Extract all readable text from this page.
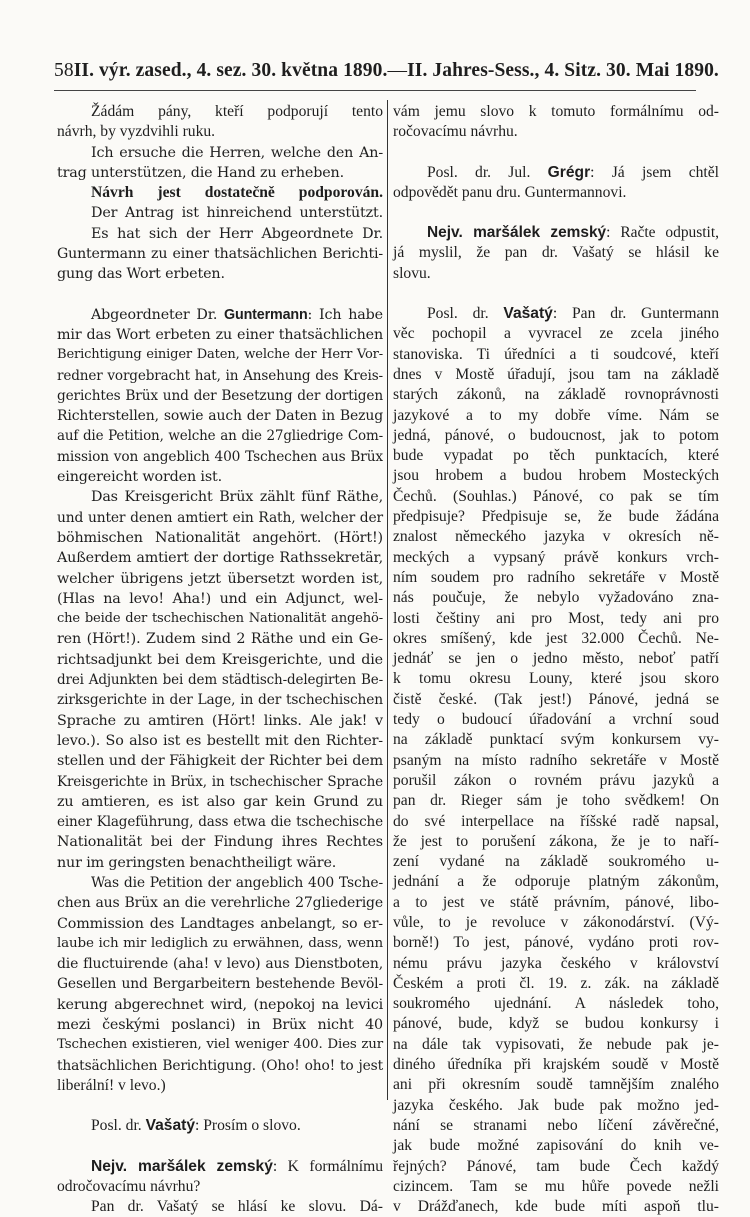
58 II. výr. zased., 4. sez. 30. května 1890. — II. Jahres-Sess., 4. Sitz. 30. Mai 1890.
Žádám pány, kteří podporují tento
návrh, by vyzdvihli ruku.
Ich ersuche die Herren, welche den An-
trag unterstützen, die Hand zu erheben.
Návrh jest dostatečně podporován.
Der Antrag ist hinreichend unterstützt.
Es hat sich der Herr Abgeordnete Dr.
Guntermann zu einer thatsächlichen Berichti-
gung das Wort erbeten.
Abgeordneter Dr. Guntermann: Ich habe
mir das Wort erbeten zu einer thatsächlichen
Berichtigung einiger Daten, welche der Herr Vor-
redner vorgebracht hat, in Ansehung des Kreis-
gerichtes Brüx und der Besetzung der dortigen
Richterstellen, sowie auch der Daten in Bezug
auf die Petition, welche an die 27gliedrige Com-
mission von angeblich 400 Tschechen aus Brüx
eingereicht worden ist.
Das Kreisgericht Brüx zählt fünf Räthe,
und unter denen amtiert ein Rath, welcher der
böhmischen Nationalität angehört. (Hört!)
Außerdem amtiert der dortige Rathssekretär,
welcher übrigens jetzt übersetzt worden ist,
(Hlas na levo! Aha!) und ein Adjunct, wel-
che beide der tschechischen Nationalität angehö-
ren (Hört!). Zudem sind 2 Räthe und ein Ge-
richtsadjunkt bei dem Kreisgerichte, und die
drei Adjunkten bei dem städtisch-delegirten Be-
zirksgerichte in der Lage, in der tschechischen
Sprache zu amtiren (Hört! links. Ale jak! v
levo.). So also ist es bestellt mit den Richter-
stellen und der Fähigkeit der Richter bei dem
Kreisgerichte in Brüx, in tschechischer Sprache
zu amtieren, es ist also gar kein Grund zu
einer Klageführung, dass etwa die tschechische
Nationalität bei der Findung ihres Rechtes
nur im geringsten benachtheiligt wäre.
Was die Petition der angeblich 400 Tsche-
chen aus Brüx an die verehrliche 27gliederige
Commission des Landtages anbelangt, so er-
laube ich mir lediglich zu erwähnen, dass, wenn
die fluctuirende (aha! v levo) aus Dienstboten,
Gesellen und Bergarbeitern bestehende Bevöl-
kerung abgerechnet wird, (nepokoj na levici
mezi českými poslanci) in Brüx nicht 40
Tschechen existieren, viel weniger 400. Dies zur
thatsächlichen Berichtigung. (Oho! oho! to jest
liberální! v levo.)
Posl. dr. Vašatý: Prosím o slovo.
Nejv. maršálek zemský: K formálnímu
odročovacímu návrhu?
Pan dr. Vašatý se hlásí ke slovu. Dá-
vám jemu slovo k tomuto formálnímu od-
ročovacímu návrhu.
Posl. dr. Jul. Grégr: Já jsem chtěl
odpovědět panu dru. Guntermannovi.
Nejv. maršálek zemský: Račte odpustit,
já myslil, že pan dr. Vašatý se hlásil ke
slovu.
Posl. dr. Vašatý: Pan dr. Guntermann
věc pochopil a vyvracel ze zcela jiného
stanoviska. Ti úředníci a ti soudcové, kteří
dnes v Mostě úřadují, jsou tam na základě
starých zákonů, na základě rovnoprávnosti
jazykové a to my dobře víme. Nám se
jedná, pánové, o budoucnost, jak to potom
bude vypadat po těch punktacích, které
jsou hrobem a budou hrobem Mosteckých
Čechů. (Souhlas.) Pánové, co pak se tím
předpisuje? Předpisuje se, že bude žádána
znalost německého jazyka v okresích ně-
meckých a vypsaný právě konkurs vrch-
ním soudem pro radního sekretáře v Mostě
nás poučuje, že nebylo vyžadováno zna-
losti češtiny ani pro Most, tedy ani pro
okres smíšený, kde jest 32.000 Čechů. Ne-
jednáť se jen o jedno město, neboť patří
k tomu okresu Louny, které jsou skoro
čistě české. (Tak jest!) Pánové, jedná se
tedy o budoucí úřadování a vrchní soud
na základě punktací svým konkursem vy-
psaným na místo radního sekretáře v Mostě
porušil zákon o rovném právu jazyků a
pan dr. Rieger sám je toho svědkem! On
do své interpellace na říšské radě napsal,
že jest to porušení zákona, že je to naří-
zení vydané na základě soukromého u-
jednání a že odporuje platným zákonům,
a to jest ve státě právním, pánové, libo-
vůle, to je revoluce v zákonodárství. (Vý-
borně!) To jest, pánové, vydáno proti rov-
nému právu jazyka českého v království
Českém a proti čl. 19. z. zák. na základě
soukromého ujednání. A následek toho,
pánové, bude, když se budou konkursy i
na dále tak vypisovati, že nebude pak je-
diného úředníka při krajském soudě v Mostě
ani při okresním soudě tamnějším znalého
jazyka českého. Jak bude pak možno jed-
nání se stranami nebo líčení závěrečné,
jak bude možné zapisování do knih ve-
řejných? Pánové, tam bude Čech každý
cizincem. Tam se mu hůře povede nežli
v Drážďanech, kde bude míti aspoň tlu-
